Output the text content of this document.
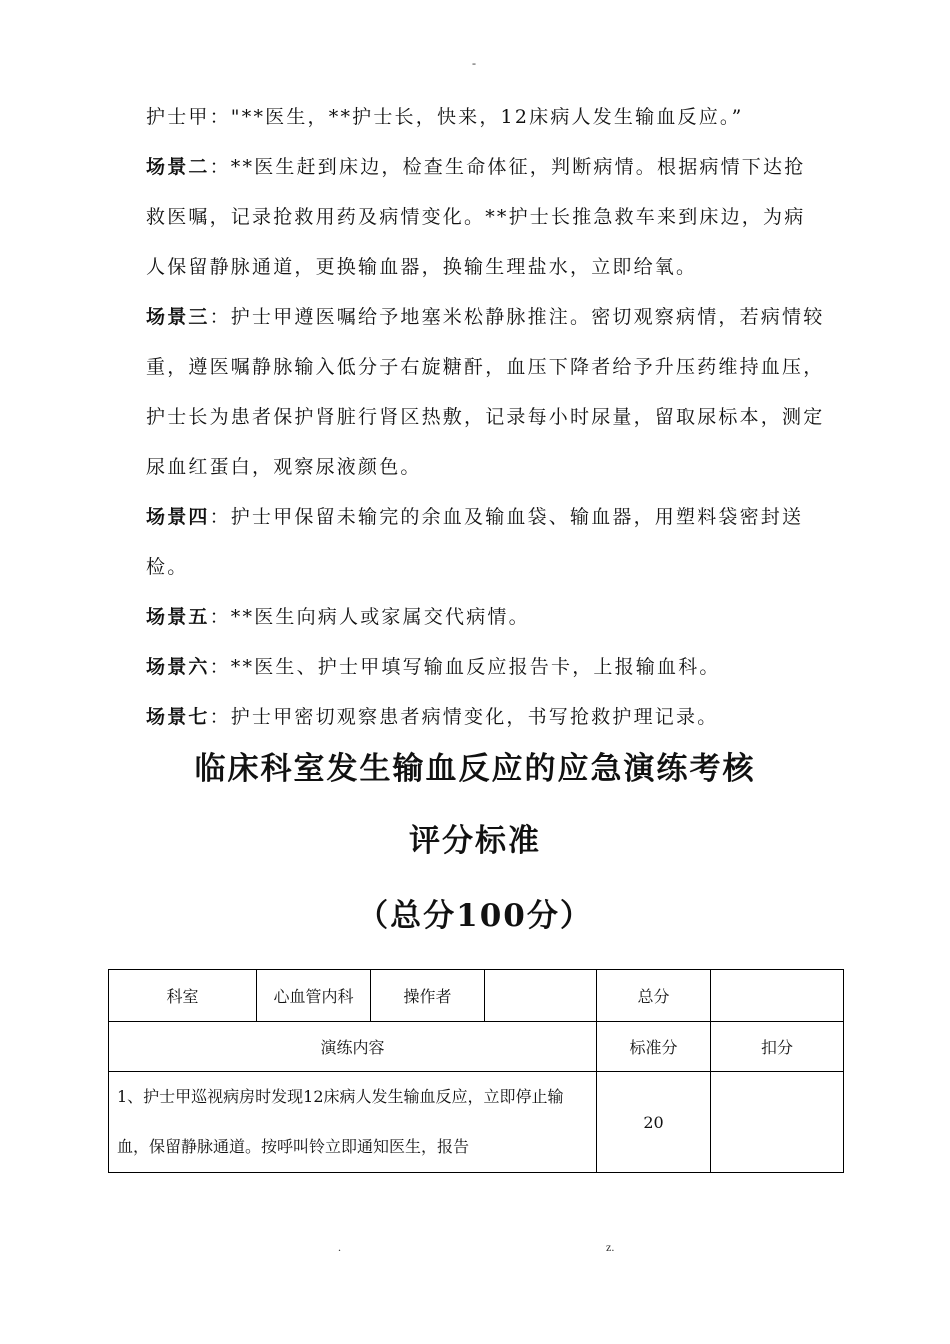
-

护士甲："**医生，**护士长，快来，12床病人发生输血反应。”

场景二：**医生赶到床边，检查生命体征，判断病情。根据病情下达抢救医嘱，记录抢救用药及病情变化。**护士长推急救车来到床边，为病人保留静脉通道，更换输血器，换输生理盐水，立即给氧。

场景三：护士甲遵医嘱给予地塞米松静脉推注。密切观察病情，若病情较重，遵医嘱静脉输入低分子右旋糖酐，血压下降者给予升压药维持血压，护士长为患者保护肾脏行肾区热敷，记录每小时尿量，留取尿标本，测定尿血红蛋白，观察尿液颜色。

场景四：护士甲保留未输完的余血及输血袋、输血器，用塑料袋密封送检。

场景五：**医生向病人或家属交代病情。

场景六：**医生、护士甲填写输血反应报告卡，上报输血科。

场景七：护士甲密切观察患者病情变化，书写抢救护理记录。

临床科室发生输血反应的应急演练考核
评分标准
（总分100分）
科室	心血管内科	操作者		总分	
演练内容				标准分	扣分
1、护士甲巡视病房时发现12床病人发生输血反应，立即停止输血，保留静脉通道。按呼叫铃立即通知医生，报告				20	
.	z.
